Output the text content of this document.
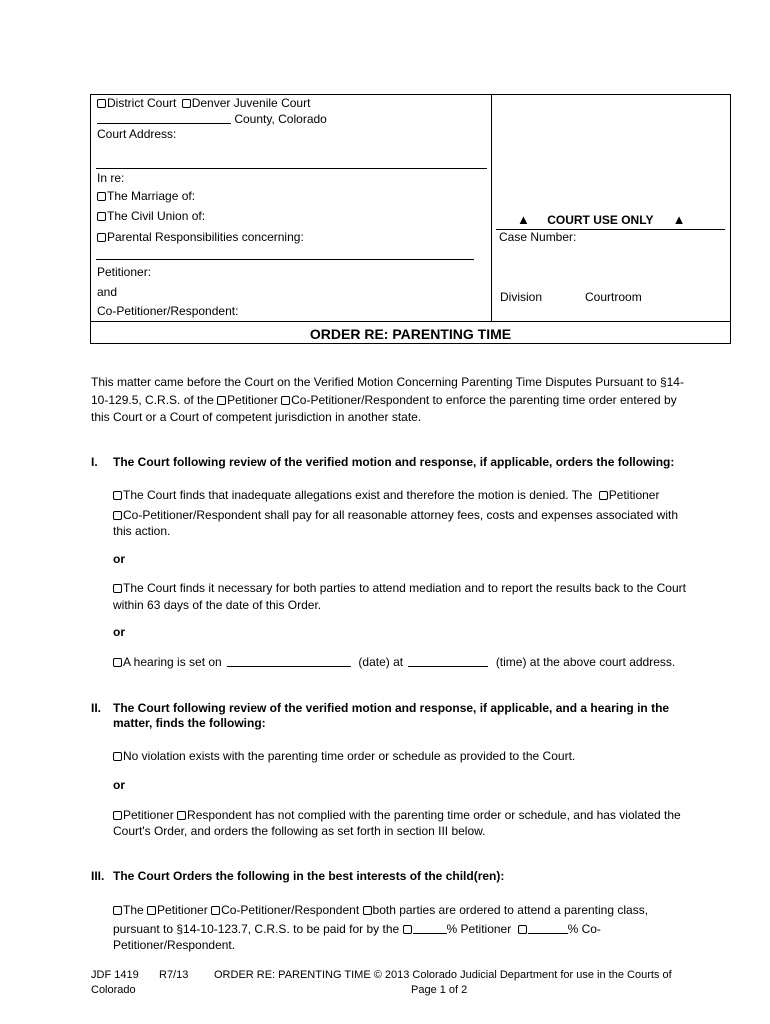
District Court Denver Juvenile Court
County, Colorado
Court Address:
In re:
The Marriage of:
The Civil Union of:
Parental Responsibilities concerning:
Petitioner:
and
Co-Petitioner/Respondent:
▲ COURT USE ONLY ▲
Case Number:
Division	Courtroom
ORDER RE: PARENTING TIME
This matter came before the Court on the Verified Motion Concerning Parenting Time Disputes Pursuant to §14-
10-129.5, C.R.S. of the Petitioner Co-Petitioner/Respondent to enforce the parenting time order entered by
this Court or a Court of competent jurisdiction in another state.
I. The Court following review of the verified motion and response, if applicable, orders the following:
The Court finds that inadequate allegations exist and therefore the motion is denied. The Petitioner
Co-Petitioner/Respondent shall pay for all reasonable attorney fees, costs and expenses associated with
this action.
or
The Court finds it necessary for both parties to attend mediation and to report the results back to the Court
within 63 days of the date of this Order.
or
A hearing is set on	(date) at	(time) at the above court address.
II. The Court following review of the verified motion and response, if applicable, and a hearing in the
matter, finds the following:
No violation exists with the parenting time order or schedule as provided to the Court.
or
Petitioner Respondent has not complied with the parenting time order or schedule, and has violated the
Court's Order, and orders the following as set forth in section III below.
III. The Court Orders the following in the best interests of the child(ren):
The Petitioner Co-Petitioner/Respondent both parties are ordered to attend a parenting class,
pursuant to §14-10-123.7, C.R.S. to be paid for by the	% Petitioner	% Co-
Petitioner/Respondent.
JDF 1419 R7/13 ORDER RE: PARENTING TIME © 2013 Colorado Judicial Department for use in the Courts of
Colorado	Page 1 of 2
